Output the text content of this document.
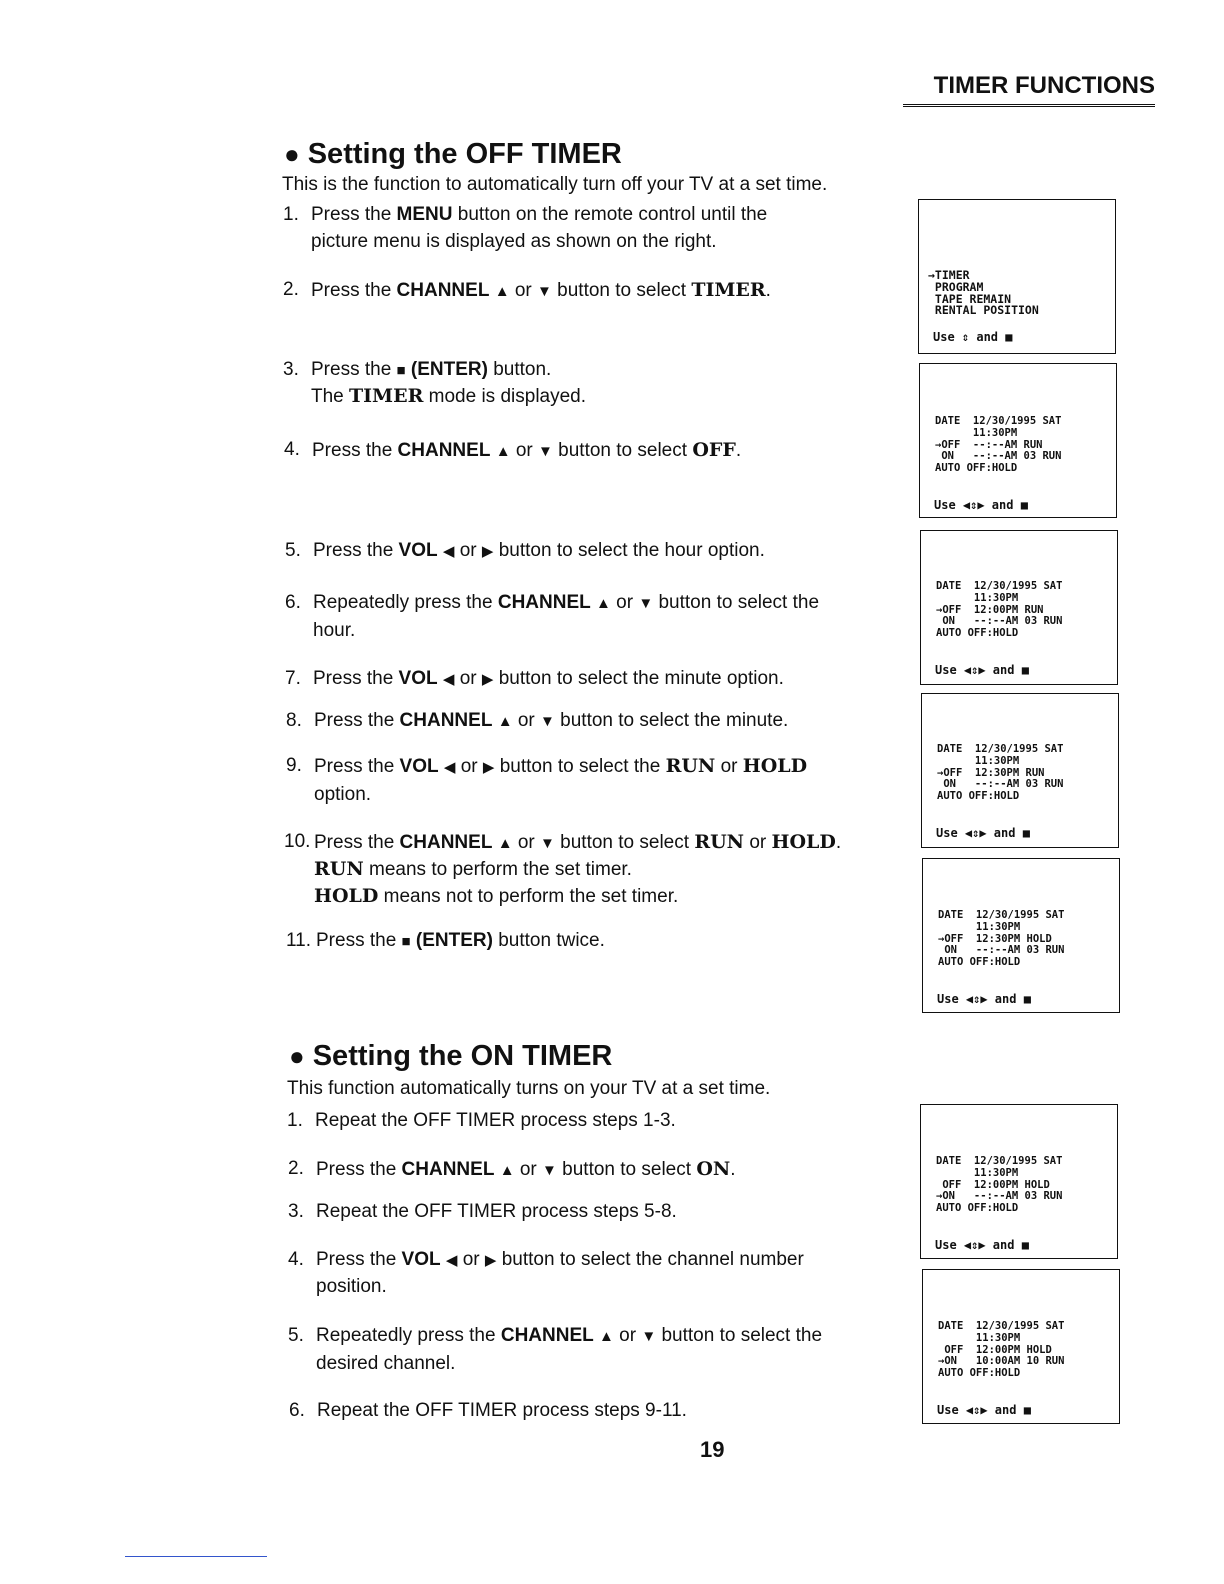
TIMER FUNCTIONS
● Setting the OFF TIMER
This is the function to automatically turn off your TV at a set time.
1. Press the MENU button on the remote control until the
picture menu is displayed as shown on the right.
2. Press the CHANNEL ▲ or ▼ button to select TIMER.
3. Press the ■ (ENTER) button.
The TIMER mode is displayed.
4. Press the CHANNEL ▲ or ▼ button to select OFF.
5. Press the VOL ◀ or ▶ button to select the hour option.
6. Repeatedly press the CHANNEL ▲ or ▼ button to select the
hour.
7. Press the VOL ◀ or ▶ button to select the minute option.
8. Press the CHANNEL ▲ or ▼ button to select the minute.
9. Press the VOL ◀ or ▶ button to select the RUN or HOLD
option.
10. Press the CHANNEL ▲ or ▼ button to select RUN or HOLD.
RUN means to perform the set timer.
HOLD means not to perform the set timer.
11. Press the ■ (ENTER) button twice.
● Setting the ON TIMER
This function automatically turns on your TV at a set time.
1. Repeat the OFF TIMER process steps 1-3.
2. Press the CHANNEL ▲ or ▼ button to select ON.
3. Repeat the OFF TIMER process steps 5-8.
4. Press the VOL ◀ or ▶ button to select the channel number
position.
5. Repeatedly press the CHANNEL ▲ or ▼ button to select the
desired channel.
6. Repeat the OFF TIMER process steps 9-11.
→TIMER
PROGRAM
TAPE REMAIN
RENTAL POSITION
Use ⇕ and ■
DATE  12/30/1995 SAT
11:30PM
→OFF  --:--AM RUN
ON   --:--AM 03 RUN
AUTO OFF:HOLD
Use ◀⇕▶ and ■
DATE  12/30/1995 SAT
11:30PM
→OFF  12:00PM RUN
ON   --:--AM 03 RUN
AUTO OFF:HOLD
Use ◀⇕▶ and ■
DATE  12/30/1995 SAT
11:30PM
→OFF  12:30PM RUN
ON   --:--AM 03 RUN
AUTO OFF:HOLD
Use ◀⇕▶ and ■
DATE  12/30/1995 SAT
11:30PM
→OFF  12:30PM HOLD
ON   --:--AM 03 RUN
AUTO OFF:HOLD
Use ◀⇕▶ and ■
DATE  12/30/1995 SAT
11:30PM
OFF  12:00PM HOLD
→ON   --:--AM 03 RUN
AUTO OFF:HOLD
Use ◀⇕▶ and ■
DATE  12/30/1995 SAT
11:30PM
OFF  12:00PM HOLD
→ON   10:00AM 10 RUN
AUTO OFF:HOLD
Use ◀⇕▶ and ■
19
